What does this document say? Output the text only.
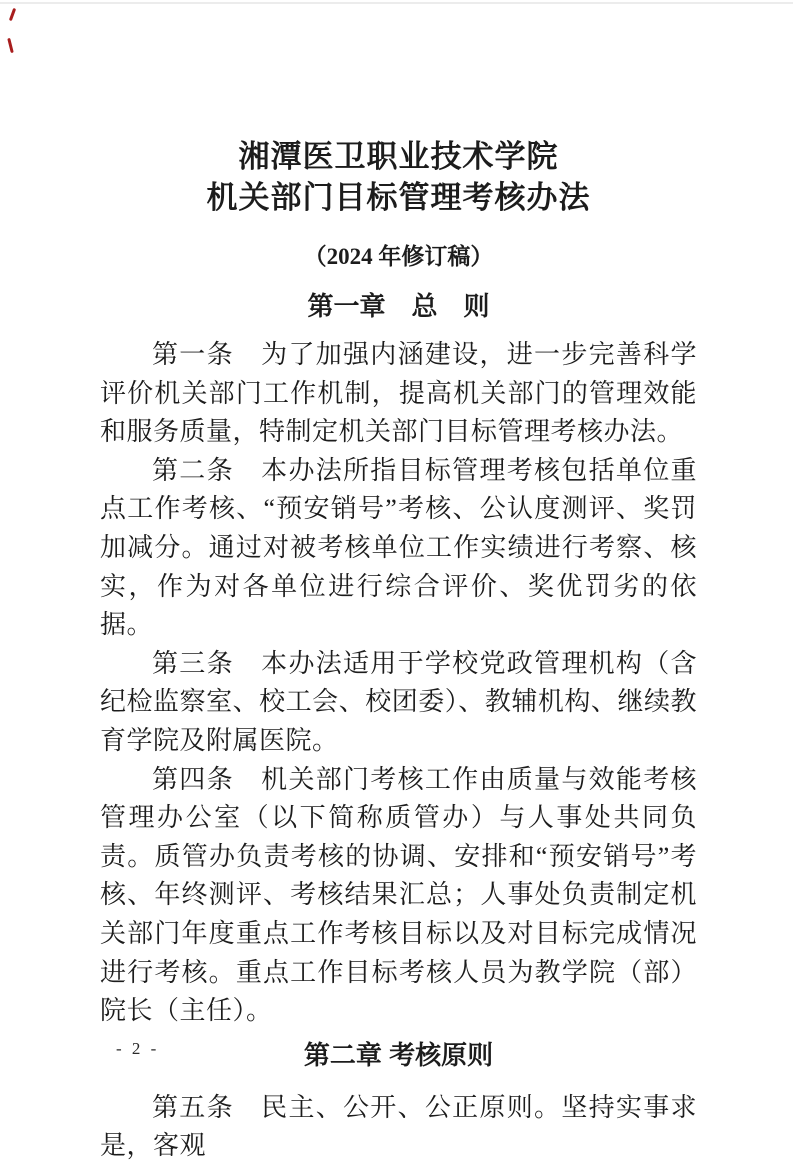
湘潭医卫职业技术学院
机关部门目标管理考核办法
（2024 年修订稿）
第一章　总　则

第一条　为了加强内涵建设，进一步完善科学评价机关部门工作机制，提高机关部门的管理效能和服务质量，特制定机关部门目标管理考核办法。

第二条　本办法所指目标管理考核包括单位重点工作考核、“预安销号”考核、公认度测评、奖罚加减分。通过对被考核单位工作实绩进行考察、核实，作为对各单位进行综合评价、奖优罚劣的依据。

第三条　本办法适用于学校党政管理机构（含纪检监察室、校工会、校团委）、教辅机构、继续教育学院及附属医院。

第四条　机关部门考核工作由质量与效能考核管理办公室（以下简称质管办）与人事处共同负责。质管办负责考核的协调、安排和“预安销号”考核、年终测评、考核结果汇总；人事处负责制定机关部门年度重点工作考核目标以及对目标完成情况进行考核。重点工作目标考核人员为教学院（部）院长（主任）。

第二章 考核原则

第五条　民主、公开、公正原则。坚持实事求是，客观

- 2 -
